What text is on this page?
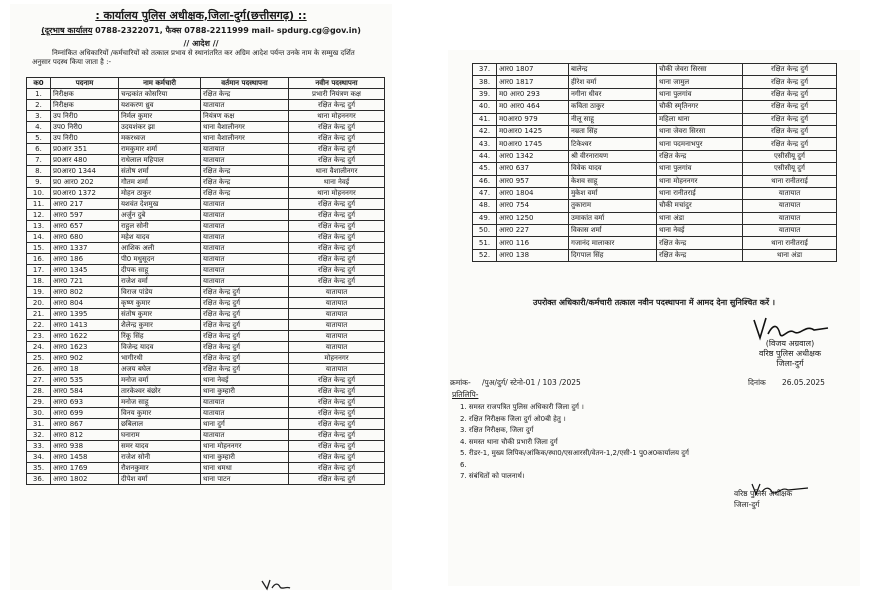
: कार्यालय पुलिस अधीक्षक,जिला-दुर्ग(छत्तीसगढ़) ::
(दूरभाष कार्यालय 0788-2322071, फैक्स 0788-2211999 mail- spdurg.cg@gov.in)
// आदेश //
निम्नांकित अधिकारियों /कर्मचारियों को तत्काल प्रभाव से स्थानांतरित कर अग्रिम आदेश पर्यन्त उनके नाम के सम्मुख दर्शित अनुसार पदस्थ किया जाता है :-
क0	पदनाम	नाम कर्मचारी	वर्तमान पदस्थापना	नवीन पदस्थापना
1.	निरीक्षक	चन्द्रकांत कोसरिया	रक्षित केन्द्र	प्रभारी नियंत्रण कक्ष
2.	निरीक्षक	यशकरण ध्रुव	यातायात	रक्षित केन्द्र दुर्ग
3.	उप निरी0	निर्मल कुमार	नियंत्रण कक्ष	थाना मोहननगर
4.	उप0 निरी0	उदयशंकर झा	थाना वैशालीनगर	रक्षित केन्द्र दुर्ग
5.	उप निरी0	मकरध्वज	थाना वैशालीनगर	रक्षित केन्द्र दुर्ग
6.	प्र0आर 351	रामकुमार शर्मा	यातायात	रक्षित केन्द्र दुर्ग
7.	प्र0आर 480	राधेलाल महिपाल	यातायात	रक्षित केन्द्र दुर्ग
8.	प्र0आर0 1344	संतोष शर्मा	रक्षित केन्द्र	थाना वैशालीनगर
9.	प्र0 आर0 202	गौतम शर्मा	रक्षित केन्द्र	थाना नेवई
10.	प्र0आर0 1372	मोहन ठाकुर	रक्षित केन्द्र	थाना मोहननगर
11.	आर0 217	यशवंत देशमुख	यातायात	रक्षित केन्द्र दुर्ग
12.	आर0 597	अर्जुन दुबे	यातायात	रक्षित केन्द्र दुर्ग
13.	आर0 657	राहुल सोनी	यातायात	रक्षित केन्द्र दुर्ग
14.	आर0 680	महेश यादव	यातायात	रक्षित केन्द्र दुर्ग
15.	आर0 1337	आशिक अली	यातायात	रक्षित केन्द्र दुर्ग
16.	आर0 186	पी0 मधुसूदन	यातायात	रक्षित केन्द्र दुर्ग
17.	आर0 1345	दीपक साहू	यातायात	रक्षित केन्द्र दुर्ग
18.	आर0 721	राजेश वर्मा	यातायात	रक्षित केन्द्र दुर्ग
19.	आर0 802	विराज पांडेय	रक्षित केन्द्र दुर्ग	यातायात
20.	आर0 804	कृष्ण कुमार	रक्षित केन्द्र दुर्ग	यातायात
21.	आर0 1395	संतोष कुमार	रक्षित केन्द्र दुर्ग	यातायात
22.	आर0 1413	शैलेन्द्र कुमार	रक्षित केन्द्र दुर्ग	यातायात
23.	आर0 1622	रिंकू सिंह	रक्षित केन्द्र दुर्ग	यातायात
24.	आर0 1623	विजेन्द्र यादव	रक्षित केन्द्र दुर्ग	यातायात
25.	आर0 902	भागीरथी	रक्षित केन्द्र दुर्ग	मोहननगर
26.	आर0 18	अजय बघेल	रक्षित केन्द्र दुर्ग	यातायात
27.	आर0 535	मनोज वर्मा	थाना नेवई	रक्षित केन्द्र दुर्ग
28.	आर0 584	तारकेश्वर बंछोर	थाना कुम्हारी	रक्षित केन्द्र दुर्ग
29.	आर0 693	मनोज साहू	यातायात	रक्षित केन्द्र दुर्ग
30.	आर0 699	विनय कुमार	यातायात	रक्षित केन्द्र दुर्ग
31.	आर0 867	छबिलाल	थाना दुर्ग	रक्षित केन्द्र दुर्ग
32.	आर0 812	घनाराम	यातायात	रक्षित केन्द्र दुर्ग
33.	आर0 938	समर यादव	थाना मोहननगर	रक्षित केन्द्र दुर्ग
34.	आर0 1458	राजेश सोनी	थाना कुम्हारी	रक्षित केन्द्र दुर्ग
35.	आर0 1769	रौशनकुमार	थाना धमधा	रक्षित केन्द्र दुर्ग
36.	आर0 1802	दीपेश वर्मा	थाना पाटन	रक्षित केन्द्र दुर्ग
37.	आर0 1807	बालेन्द्र	चौकी जेवरा सिरसा	रक्षित केन्द्र दुर्ग
38.	आर0 1817	हीरेश वर्मा	थाना जामुल	रक्षित केन्द्र दुर्ग
39.	म0 आर0 293	नगीना धीवर	थाना पुलगांव	रक्षित केन्द्र दुर्ग
40.	म0 आर0 464	कविता ठाकुर	चौकी स्मृतिनगर	रक्षित केन्द्र दुर्ग
41.	म0आर0 979	नीलू साहू	महिला थाना	रक्षित केन्द्र दुर्ग
42.	म0आर0 1425	नम्रता सिंह	थाना जेवरा सिरसा	रक्षित केन्द्र दुर्ग
43.	म0आर0 1745	टिकेश्वर	थाना पदमनाभपुर	रक्षित केन्द्र दुर्ग
44.	आर0 1342	श्री वीरनारायण	रक्षित केन्द्र	एसीसीयू दुर्ग
45.	आर0 637	विवेक यादव	थाना पुलगांव	एसीसीयू दुर्ग
46.	आर0 957	केशव साहू	थाना मोहननगर	थाना रानीतराई
47.	आर0 1804	मुकेश वर्मा	थाना रानीतराई	यातायात
48.	आर0 754	तुकाराम	चौकी मचांदुर	यातायात
49.	आर0 1250	उमाकांत वर्मा	थाना अंडा	यातायात
50.	आर0 227	विकास शर्मा	थाना नेवई	यातायात
51.	आर0 116	गजानंद मालाकार	रक्षित केन्द्र	थाना रानीतराई
52.	आर0 138	दिगपाल सिंह	रक्षित केन्द्र	थाना अंडा
उपरोक्त अधिकारी/कर्मचारी तत्काल नवीन पदस्थापना में आमद देना सुनिश्चित करें ।
(विजय अग्रवाल)
वरिष्ठ पुलिस अधीक्षक
जिला-दुर्ग
क्रमांक- /पुअ/दुर्ग/ स्टेनो-01 / 103 /2025	दिनांक 26.05.2025
प्रतिलिपि-
1. समस्त राजपत्रित पुलिस अधिकारी जिला दुर्ग ।
2. रक्षित निरीक्षक जिला दुर्ग ओ0बी हेतु ।
3. रक्षित निरीक्षक, जिला दुर्ग
4. समस्त थाना चौकी प्रभारी जिला दुर्ग
5. रीडर-1, मुख्य लिपिक/आंकिक/स्था0/एसआरसी/वेतन-1,2/एसी-1 पु0अ0कार्यालय दुर्ग
6.
7. संबंधितों को पालनार्थ।
वरिष्ठ पुलिस अधीक्षक
जिला-दुर्ग
